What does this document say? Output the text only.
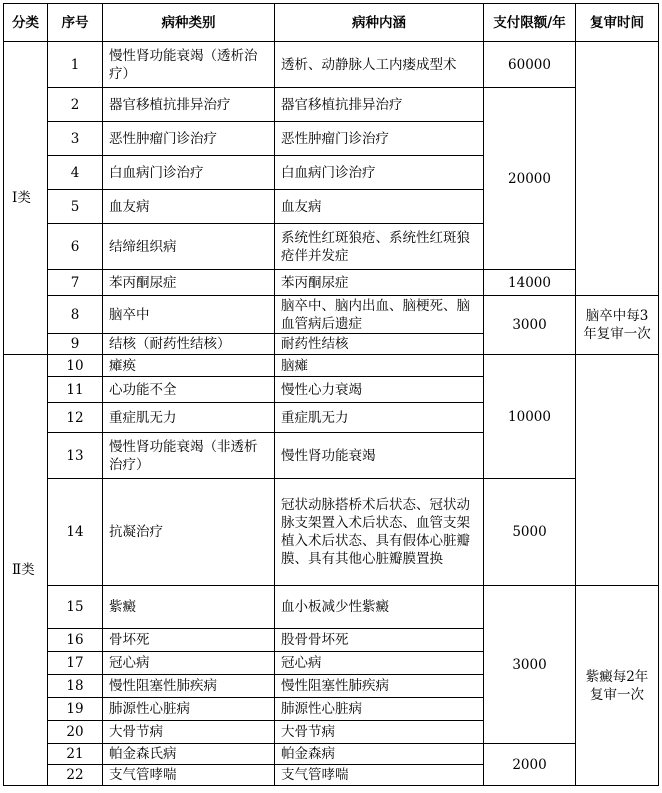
分类	序号	病种类别	病种内涵	支付限额/年	复审时间
Ⅰ类	1	慢性肾功能衰竭（透析治疗）	透析、动静脉人工内瘘成型术	60000	
	2	器官移植抗排异治疗	器官移植抗排异治疗	20000	
	3	恶性肿瘤门诊治疗	恶性肿瘤门诊治疗		
	4	白血病门诊治疗	白血病门诊治疗		
	5	血友病	血友病		
	6	结缔组织病	系统性红斑狼疮、系统性红斑狼疮伴并发症		
	7	苯丙酮尿症	苯丙酮尿症	14000	
	8	脑卒中	脑卒中、脑内出血、脑梗死、脑血管病后遗症	3000	脑卒中每3年复审一次
	9	结核（耐药性结核）	耐药性结核		
Ⅱ类	10	瘫痪	脑瘫	10000	
	11	心功能不全	慢性心力衰竭		
	12	重症肌无力	重症肌无力		
	13	慢性肾功能衰竭（非透析治疗）	慢性肾功能衰竭		
	14	抗凝治疗	冠状动脉搭桥术后状态、冠状动脉支架置入术后状态、血管支架植入术后状态、具有假体心脏瓣膜、具有其他心脏瓣膜置换	5000	
	15	紫癜	血小板减少性紫癜	3000	紫癜每2年复审一次
	16	骨坏死	股骨骨坏死		
	17	冠心病	冠心病		
	18	慢性阻塞性肺疾病	慢性阻塞性肺疾病		
	19	肺源性心脏病	肺源性心脏病		
	20	大骨节病	大骨节病		
	21	帕金森氏病	帕金森病	2000	
	22	支气管哮喘	支气管哮喘		
